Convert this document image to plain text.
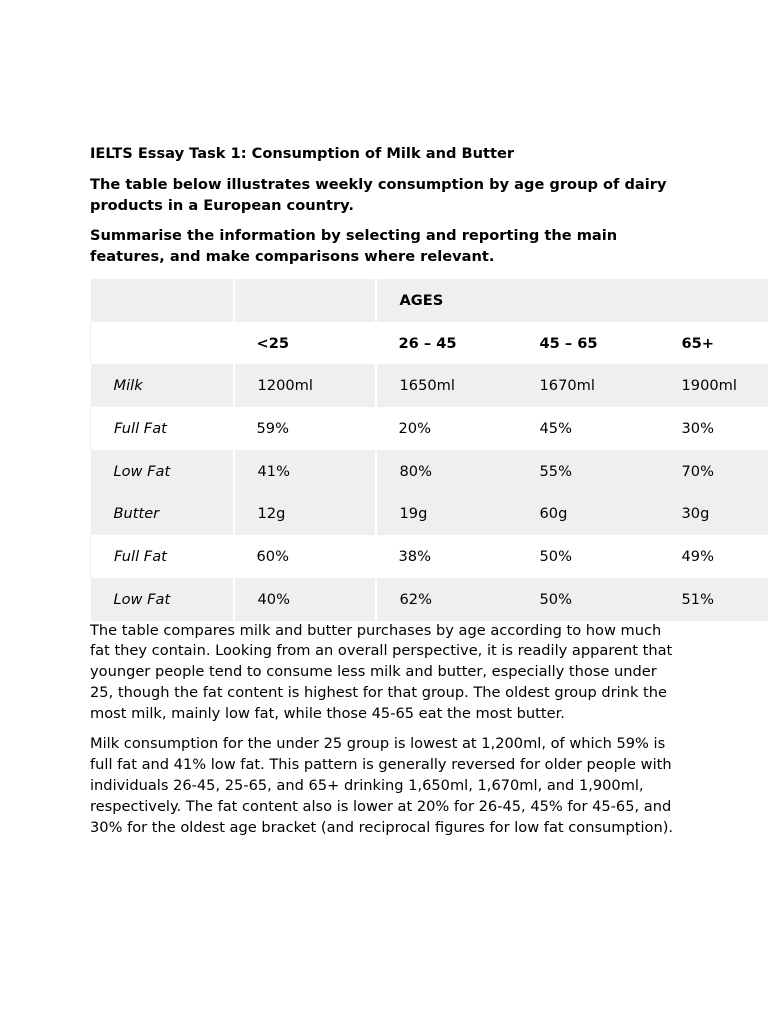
IELTS Essay Task 1: Consumption of Milk and Butter

The table below illustrates weekly consumption by age group of dairy products in a European country.

Summarise the information by selecting and reporting the main features, and make comparisons where relevant.

		AGES		
	<25	26 – 45	45 – 65	65+
Milk	1200ml	1650ml	1670ml	1900ml
Full Fat	59%	20%	45%	30%
Low Fat	41%	80%	55%	70%
Butter	12g	19g	60g	30g
Full Fat	60%	38%	50%	49%
Low Fat	40%	62%	50%	51%

The table compares milk and butter purchases by age according to how much fat they contain. Looking from an overall perspective, it is readily apparent that younger people tend to consume less milk and butter, especially those under 25, though the fat content is highest for that group. The oldest group drink the most milk, mainly low fat, while those 45-65 eat the most butter.

Milk consumption for the under 25 group is lowest at 1,200ml, of which 59% is full fat and 41% low fat. This pattern is generally reversed for older people with individuals 26-45, 25-65, and 65+ drinking 1,650ml, 1,670ml, and 1,900ml, respectively. The fat content also is lower at 20% for 26-45, 45% for 45-65, and 30% for the oldest age bracket (and reciprocal figures for low fat consumption).
